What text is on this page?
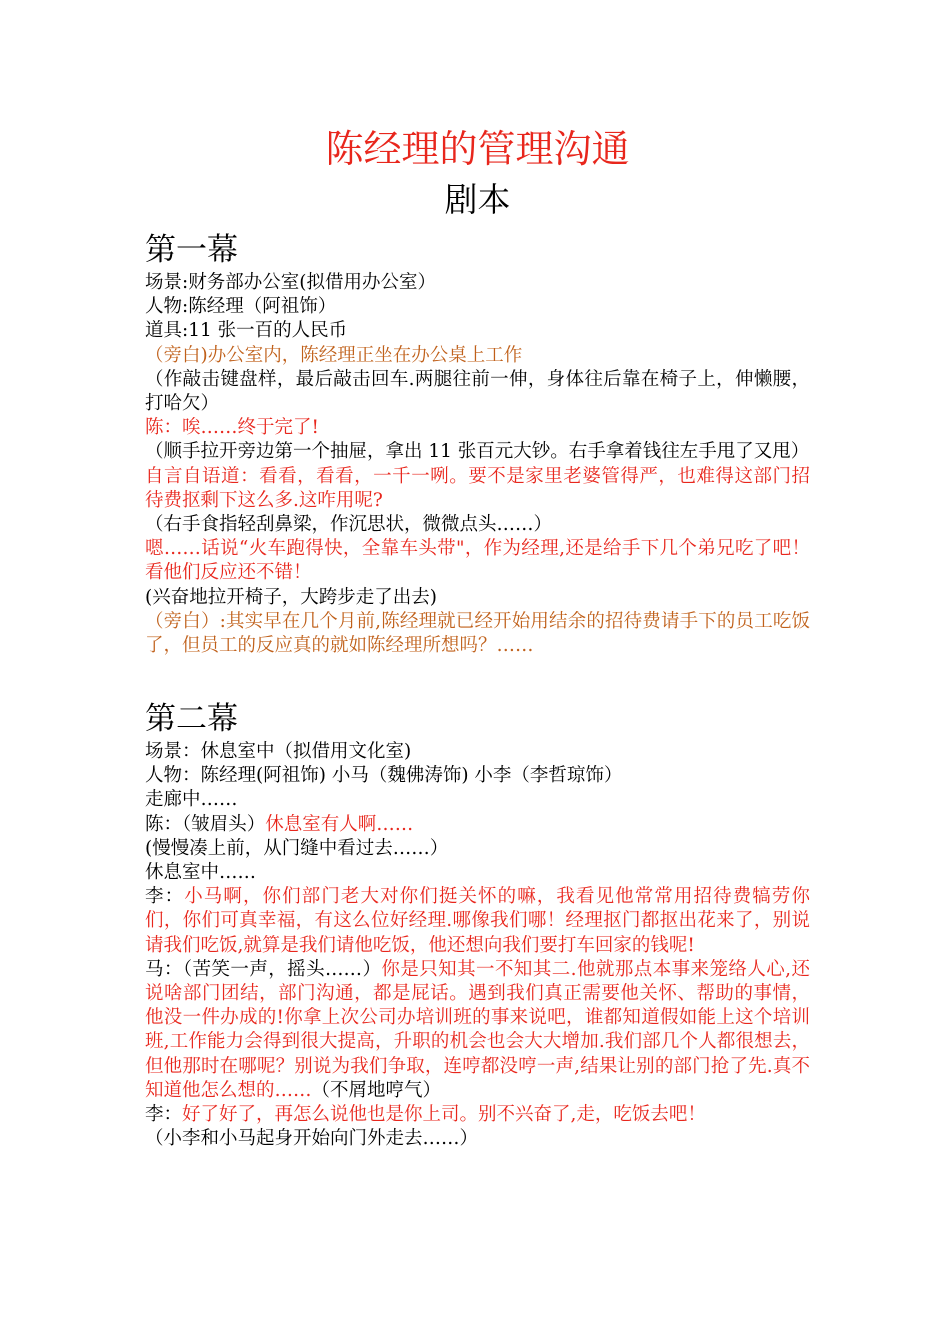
陈经理的管理沟通
剧本
第一幕

场景:财务部办公室(拟借用办公室）

人物:陈经理（阿祖饰）

道具:11 张一百的人民币

（旁白)办公室内，陈经理正坐在办公桌上工作

（作敲击键盘样，最后敲击回车.两腿往前一伸，身体往后靠在椅子上，伸懒腰，打哈欠）

陈：唉……终于完了!

（顺手拉开旁边第一个抽屉，拿出 11 张百元大钞。右手拿着钱往左手甩了又甩）

自言自语道：看看，看看，一千一咧。要不是家里老婆管得严，也难得这部门招待费抠剩下这么多.这咋用呢?

（右手食指轻刮鼻梁，作沉思状，微微点头……）

嗯……话说“火车跑得快，全靠车头带"，作为经理,还是给手下几个弟兄吃了吧！看他们反应还不错！

(兴奋地拉开椅子，大跨步走了出去)

（旁白）:其实早在几个月前,陈经理就已经开始用结余的招待费请手下的员工吃饭了，但员工的反应真的就如陈经理所想吗？……

第二幕

场景：休息室中（拟借用文化室)

人物：陈经理(阿祖饰) 小马（魏佛涛饰) 小李（李哲琼饰）

走廊中……

陈：（皱眉头）休息室有人啊……

(慢慢凑上前，从门缝中看过去……）

休息室中……

李：小马啊，你们部门老大对你们挺关怀的嘛，我看见他常常用招待费犒劳你们，你们可真幸福，有这么位好经理.哪像我们哪！经理抠门都抠出花来了，别说请我们吃饭,就算是我们请他吃饭，他还想向我们要打车回家的钱呢!

马：（苦笑一声，摇头……）你是只知其一不知其二.他就那点本事来笼络人心,还说啥部门团结，部门沟通，都是屁话。遇到我们真正需要他关怀、帮助的事情，他没一件办成的!你拿上次公司办培训班的事来说吧，谁都知道假如能上这个培训班,工作能力会得到很大提高，升职的机会也会大大增加.我们部几个人都很想去，但他那时在哪呢？别说为我们争取，连哼都没哼一声,结果让别的部门抢了先.真不知道他怎么想的……（不屑地哼气）

李：好了好了，再怎么说他也是你上司。别不兴奋了,走，吃饭去吧！

（小李和小马起身开始向门外走去……）
